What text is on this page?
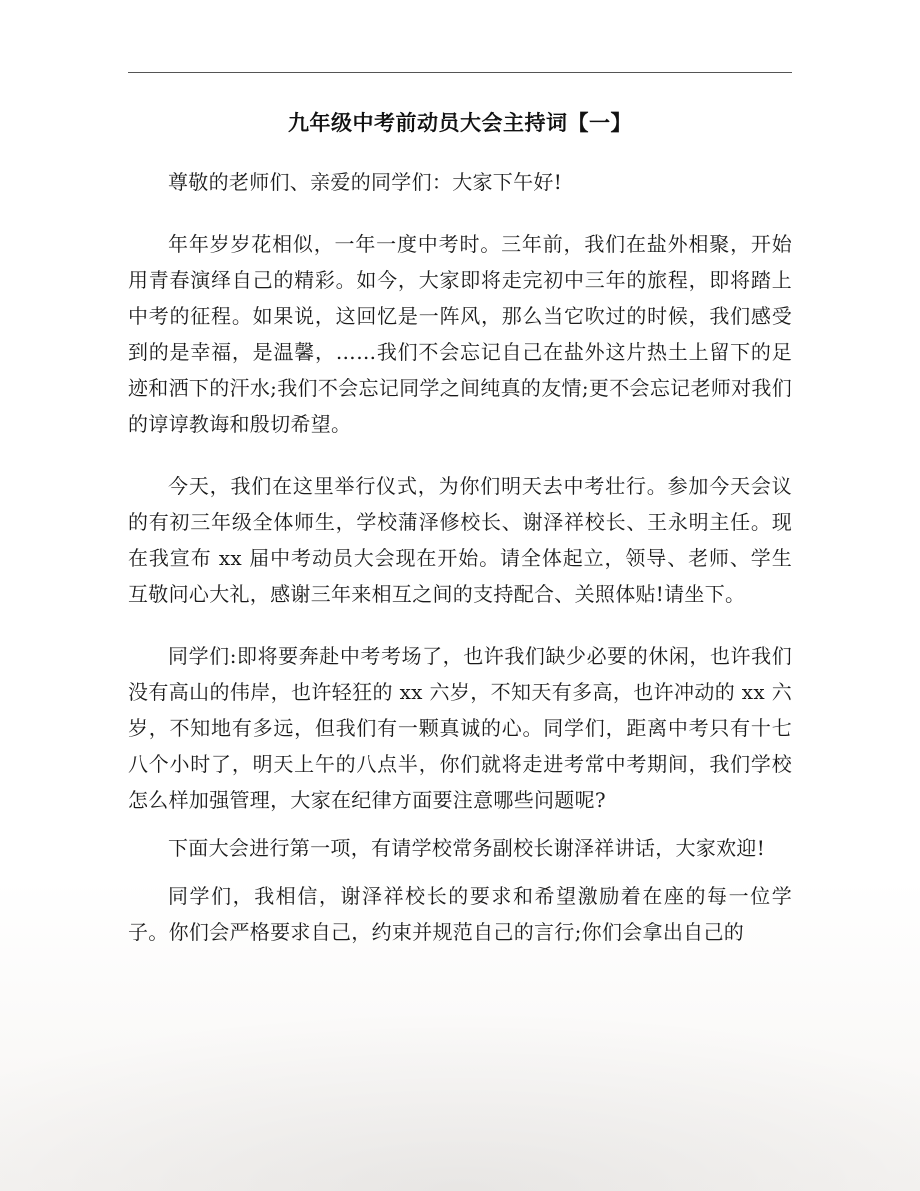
九年级中考前动员大会主持词【一】

尊敬的老师们、亲爱的同学们：大家下午好!

年年岁岁花相似，一年一度中考时。三年前，我们在盐外相聚，开始用青春演绎自己的精彩。如今，大家即将走完初中三年的旅程，即将踏上中考的征程。如果说，这回忆是一阵风，那么当它吹过的时候，我们感受到的是幸福，是温馨，……我们不会忘记自己在盐外这片热土上留下的足迹和洒下的汗水;我们不会忘记同学之间纯真的友情;更不会忘记老师对我们的谆谆教诲和殷切希望。

今天，我们在这里举行仪式，为你们明天去中考壮行。参加今天会议的有初三年级全体师生，学校蒲泽修校长、谢泽祥校长、王永明主任。现在我宣布 xx 届中考动员大会现在开始。请全体起立，领导、老师、学生互敬问心大礼，感谢三年来相互之间的支持配合、关照体贴!请坐下。

同学们:即将要奔赴中考考场了，也许我们缺少必要的休闲，也许我们没有高山的伟岸，也许轻狂的 xx 六岁，不知天有多高，也许冲动的 xx 六岁，不知地有多远，但我们有一颗真诚的心。同学们，距离中考只有十七八个小时了，明天上午的八点半，你们就将走进考常中考期间，我们学校怎么样加强管理，大家在纪律方面要注意哪些问题呢?

下面大会进行第一项，有请学校常务副校长谢泽祥讲话，大家欢迎!

同学们，我相信，谢泽祥校长的要求和希望激励着在座的每一位学子。你们会严格要求自己，约束并规范自己的言行;你们会拿出自己的
